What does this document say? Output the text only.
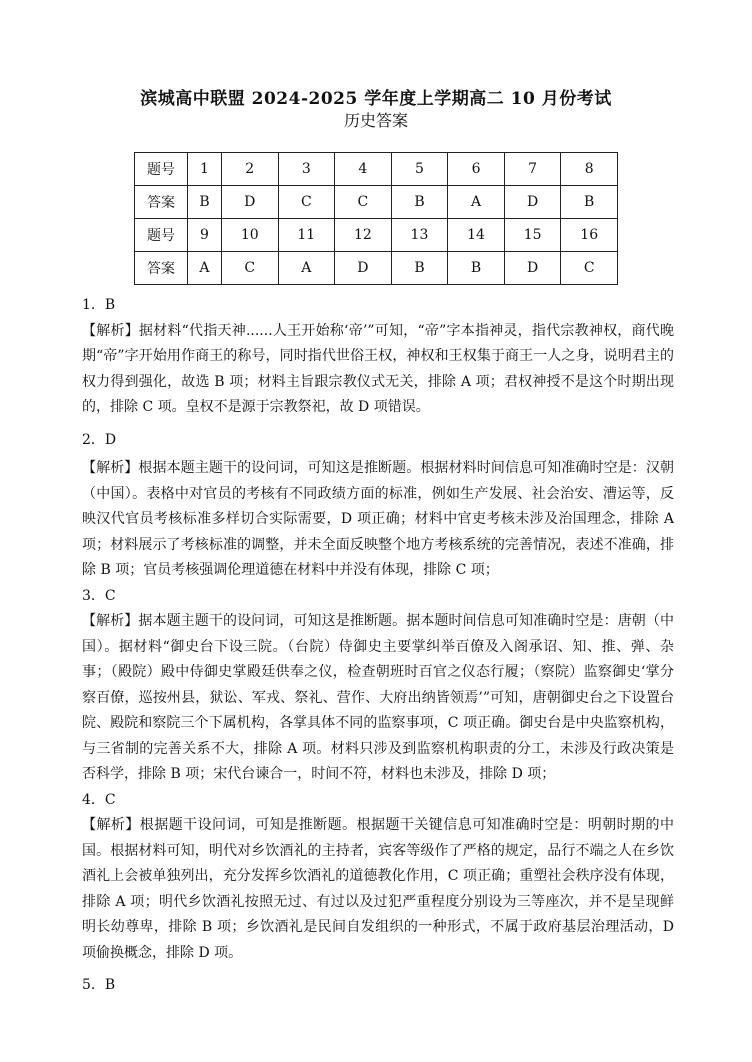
滨城高中联盟 2024-2025 学年度上学期高二 10 月份考试
历史答案
题号	1	2	3	4	5	6	7	8
答案	B	D	C	C	B	A	D	B
题号	9	10	11	12	13	14	15	16
答案	A	C	A	D	B	B	D	C

1．B

【解析】据材料“代指天神......人王开始称‘帝’”可知，“帝”字本指神灵，指代宗教神权，商代晚期“帝”字开始用作商王的称号，同时指代世俗王权，神权和王权集于商王一人之身，说明君主的权力得到强化，故选 B 项；材料主旨跟宗教仪式无关，排除 A 项；君权神授不是这个时期出现的，排除 C 项。皇权不是源于宗教祭祀，故 D 项错误。

2．D

【解析】根据本题主题干的设问词，可知这是推断题。根据材料时间信息可知准确时空是：汉朝（中国）。表格中对官员的考核有不同政绩方面的标准，例如生产发展、社会治安、漕运等，反映汉代官员考核标准多样切合实际需要，D 项正确；材料中官吏考核未涉及治国理念，排除 A 项；材料展示了考核标准的调整，并未全面反映整个地方考核系统的完善情况，表述不准确，排除 B 项；官员考核强调伦理道德在材料中并没有体现，排除 C 项；

3．C

【解析】据本题主题干的设问词，可知这是推断题。据本题时间信息可知准确时空是：唐朝（中国）。据材料“御史台下设三院。（台院）侍御史主要掌纠举百僚及入阁承诏、知、推、弹、杂事；（殿院）殿中侍御史掌殿廷供奉之仪，检查朝班时百官之仪态行履；（察院）监察御史‘掌分察百僚，巡按州县，狱讼、军戎、祭礼、营作、大府出纳皆领焉’”可知，唐朝御史台之下设置台院、殿院和察院三个下属机构，各掌具体不同的监察事项，C 项正确。御史台是中央监察机构，与三省制的完善关系不大，排除 A 项。材料只涉及到监察机构职责的分工，未涉及行政决策是否科学，排除 B 项；宋代台谏合一，时间不符，材料也未涉及，排除 D 项；

4．C

【解析】根据题干设问词，可知是推断题。根据题干关键信息可知准确时空是：明朝时期的中国。根据材料可知，明代对乡饮酒礼的主持者，宾客等级作了严格的规定，品行不端之人在乡饮酒礼上会被单独列出，充分发挥乡饮酒礼的道德教化作用，C 项正确；重塑社会秩序没有体现，排除 A 项；明代乡饮酒礼按照无过、有过以及过犯严重程度分别设为三等座次，并不是呈现鲜明长幼尊卑，排除 B 项；乡饮酒礼是民间自发组织的一种形式，不属于政府基层治理活动，D 项偷换概念，排除 D 项。

5．B
